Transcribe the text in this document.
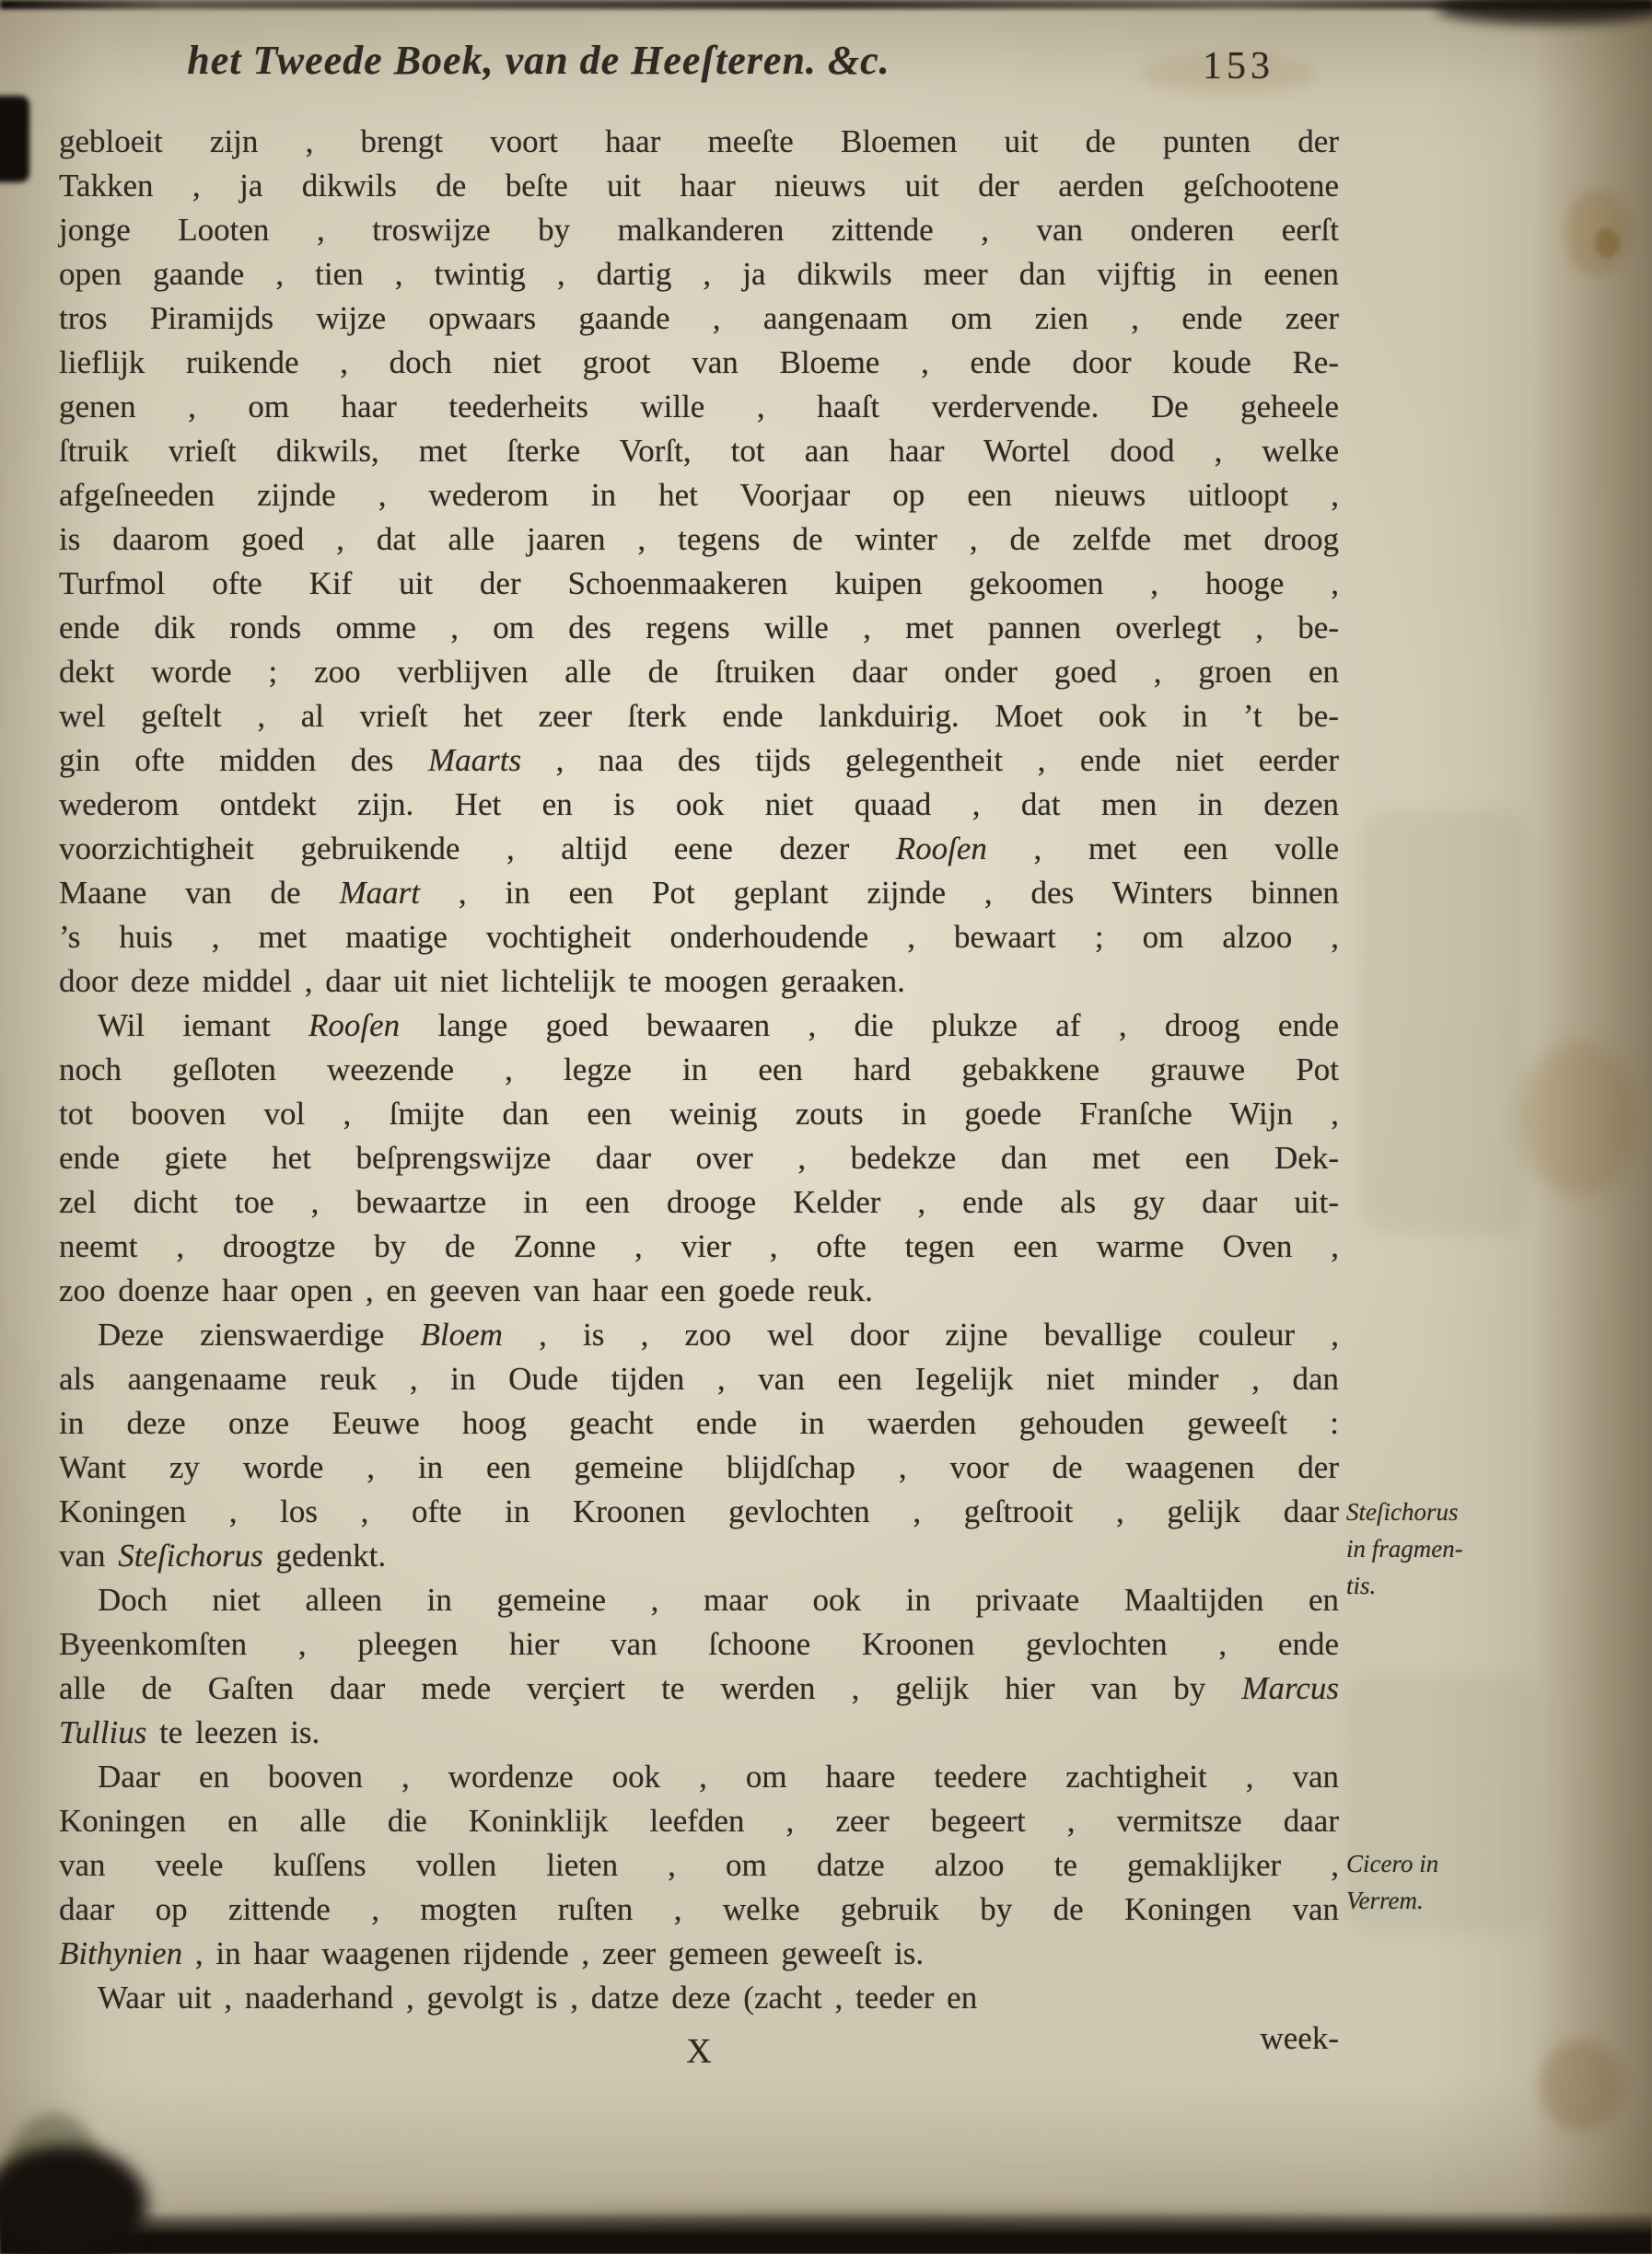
het Tweede Boek, van de Heeſteren. &c.	153
gebloeit zijn , brengt voort haar meeſte Bloemen uit de punten der
Takken , ja dikwils de beſte uit haar nieuws uit der aerden geſchootene
jonge Looten , troswijze by malkanderen zittende , van onderen eerſt
open gaande , tien , twintig , dartig , ja dikwils meer dan vijftig in eenen
tros Piramijds wijze opwaars gaande , aangenaam om zien , ende zeer
lieflijk ruikende , doch niet groot van Bloeme , ende door koude Re-
genen , om haar teederheits wille , haaſt verdervende. De geheele
ſtruik vrieſt dikwils, met ſterke Vorſt, tot aan haar Wortel dood , welke
afgeſneeden zijnde , wederom in het Voorjaar op een nieuws uitloopt ,
is daarom goed , dat alle jaaren , tegens de winter , de zelfde met droog
Turfmol ofte Kif uit der Schoenmaakeren kuipen gekoomen , hooge ,
ende dik ronds omme , om des regens wille , met pannen overlegt , be-
dekt worde ; zoo verblijven alle de ſtruiken daar onder goed , groen en
wel geſtelt , al vrieſt het zeer ſterk ende lankduirig. Moet ook in ’t be-
gin ofte midden des Maarts , naa des tijds gelegentheit , ende niet eerder
wederom ontdekt zijn. Het en is ook niet quaad , dat men in dezen
voorzichtigheit gebruikende , altijd eene dezer Rooſen , met een volle
Maane van de Maart , in een Pot geplant zijnde , des Winters binnen
’s huis , met maatige vochtigheit onderhoudende , bewaart ; om alzoo ,
door deze middel , daar uit niet lichtelijk te moogen geraaken.
Wil iemant Rooſen lange goed bewaaren , die plukze af , droog ende
noch geſloten weezende , legze in een hard gebakkene grauwe Pot
tot booven vol , ſmijte dan een weinig zouts in goede Franſche Wijn ,
ende giete het beſprengswijze daar over , bedekze dan met een Dek-
zel dicht toe , bewaartze in een drooge Kelder , ende als gy daar uit-
neemt , droogtze by de Zonne , vier , ofte tegen een warme Oven ,
zoo doenze haar open , en geeven van haar een goede reuk.
Deze zienswaerdige Bloem , is , zoo wel door zijne bevallige couleur ,
als aangenaame reuk , in Oude tijden , van een Iegelijk niet minder , dan
in deze onze Eeuwe hoog geacht ende in waerden gehouden geweeſt :
Want zy worde , in een gemeine blijdſchap , voor de waagenen der
Koningen , los , ofte in Kroonen gevlochten , geſtrooit , gelijk daar
van Steſichorus gedenkt.
Doch niet alleen in gemeine , maar ook in privaate Maaltijden en
Byeenkomſten , pleegen hier van ſchoone Kroonen gevlochten , ende
alle de Gaſten daar mede verçiert te werden , gelijk hier van by Marcus
Tullius te leezen is.
Daar en booven , wordenze ook , om haare teedere zachtigheit , van
Koningen en alle die Koninklijk leefden , zeer begeert , vermitsze daar
van veele kuſſens vollen lieten , om datze alzoo te gemaklijker ,
daar op zittende , mogten ruſten , welke gebruik by de Koningen van
Bithynien , in haar waagenen rijdende , zeer gemeen geweeſt is.
Waar uit , naaderhand , gevolgt is , datze deze (zacht , teeder en
Steſichorus
in fragmen-
tis.
Cicero in
Verrem.
X	week-
